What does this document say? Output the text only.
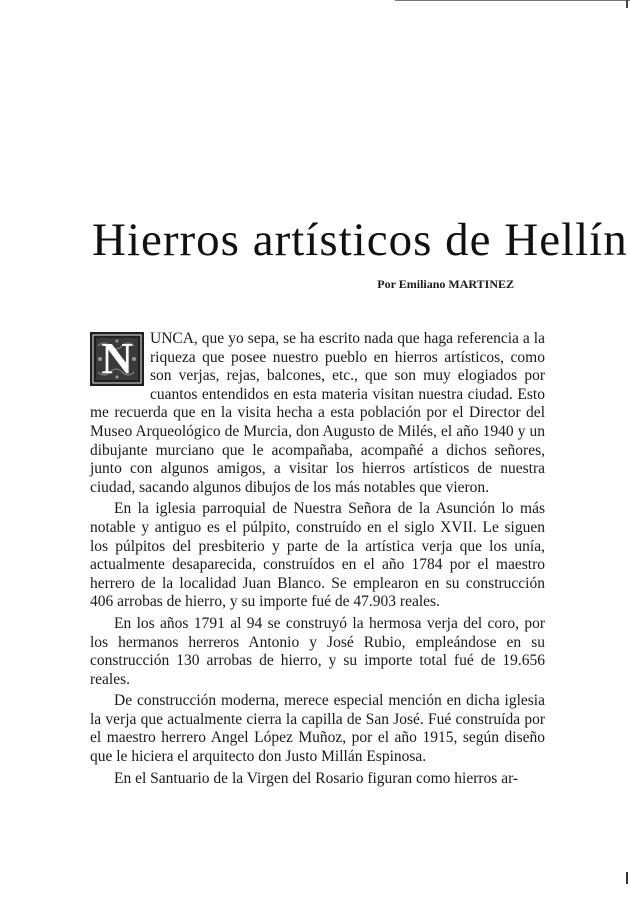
Hierros artísticos de Hellín
Por Emiliano MARTINEZ

N	UNCA, que yo sepa, se ha escrito nada que haga referencia a la riqueza que posee nuestro pueblo en hierros artísticos, como son verjas, rejas, balcones, etc., que son muy elogiados por cuantos entendidos en esta materia visitan nuestra ciudad. Esto me recuerda que en la visita hecha a esta población por el Director del Museo Arqueológico de Murcia, don Augusto de Milés, el año 1940 y un dibujante murciano que le acompañaba, acompañé a dichos señores, junto con algunos amigos, a visitar los hierros artísticos de nuestra ciudad, sacando algunos dibujos de los más notables que vieron.

En la iglesia parroquial de Nuestra Señora de la Asunción lo más notable y antiguo es el púlpito, construído en el siglo XVII. Le siguen los púlpitos del presbiterio y parte de la artística verja que los unía, actualmente desaparecida, construídos en el año 1784 por el maestro herrero de la localidad Juan Blanco. Se emplearon en su construcción 406 arrobas de hierro, y su importe fué de 47.903 reales.

En los años 1791 al 94 se construyó la hermosa verja del coro, por los hermanos herreros Antonio y José Rubio, empleándose en su construcción 130 arrobas de hierro, y su importe total fué de 19.656 reales.

De construcción moderna, merece especial mención en dicha iglesia la verja que actualmente cierra la capilla de San José. Fué construída por el maestro herrero Angel López Muñoz, por el año 1915, según diseño que le hiciera el arquitecto don Justo Millán Espinosa.

En el Santuario de la Virgen del Rosario figuran como hierros ar-
